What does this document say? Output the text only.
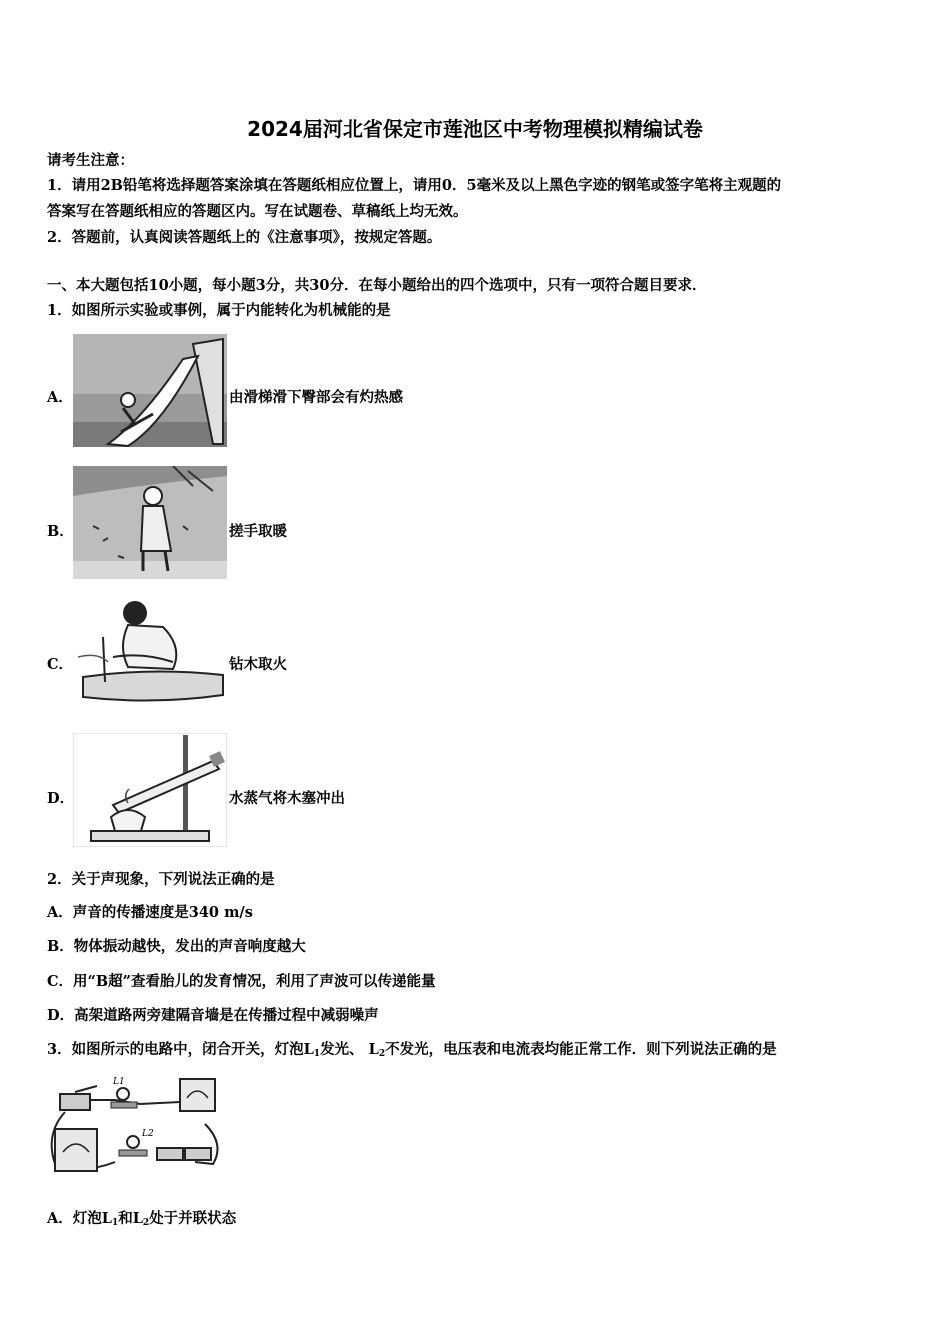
2024届河北省保定市莲池区中考物理模拟精编试卷
请考生注意：
1．请用2B铅笔将选择题答案涂填在答题纸相应位置上，请用0．5毫米及以上黑色字迹的钢笔或签字笔将主观题的
答案写在答题纸相应的答题区内。写在试题卷、草稿纸上均无效。
2．答题前，认真阅读答题纸上的《注意事项》，按规定答题。
一、本大题包括10小题，每小题3分，共30分．在每小题给出的四个选项中，只有一项符合题目要求．
1．如图所示实验或事例，属于内能转化为机械能的是
A．	由滑梯滑下臀部会有灼热感
B．	搓手取暖
C．	钻木取火
D．	水蒸气将木塞冲出
2．关于声现象，下列说法正确的是
A．声音的传播速度是340 m/s
B．物体振动越快，发出的声音响度越大
C．用“B超”查看胎儿的发育情况，利用了声波可以传递能量
D．高架道路两旁建隔音墙是在传播过程中减弱噪声
3．如图所示的电路中，闭合开关，灯泡$L_1$发光、 $L_2$不发光，电压表和电流表均能正常工作．则下列说法正确的是
L1
L2
A．灯泡$L_1$和$L_2$处于并联状态
